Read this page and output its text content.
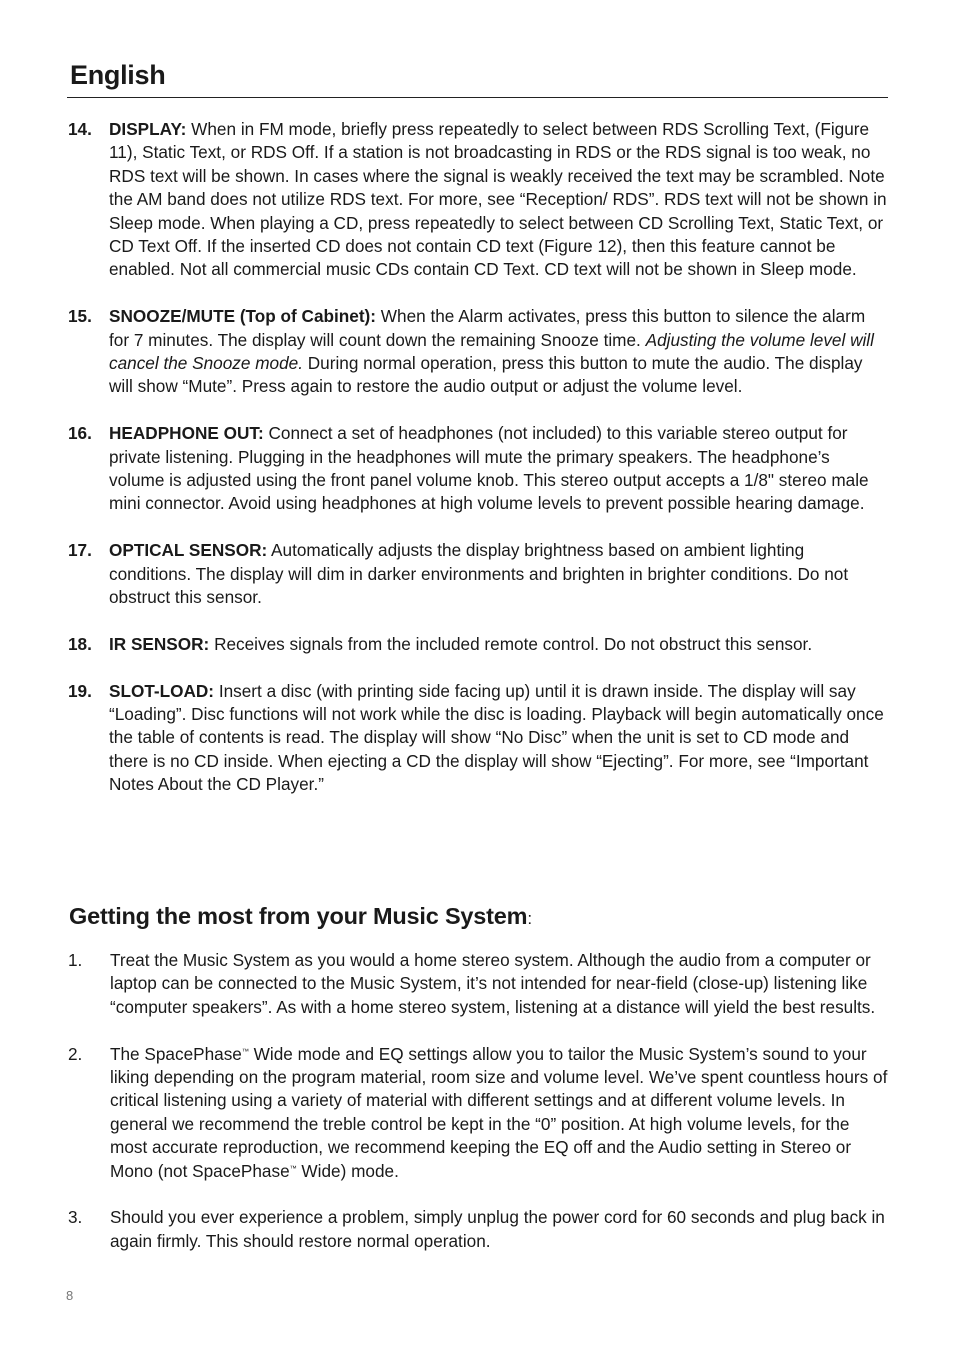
English
14. DISPLAY: When in FM mode, briefly press repeatedly to select between RDS Scrolling Text, (Figure 11), Static Text, or RDS Off. If a station is not broadcasting in RDS or the RDS signal is too weak, no RDS text will be shown. In cases where the signal is weakly received the text may be scrambled. Note the AM band does not utilize RDS text. For more, see “Reception/ RDS”. RDS text will not be shown in Sleep mode. When playing a CD, press repeatedly to select between CD Scrolling Text, Static Text, or CD Text Off. If the inserted CD does not contain CD text (Figure 12), then this feature cannot be enabled. Not all commercial music CDs contain CD Text. CD text will not be shown in Sleep mode.
15. SNOOZE/MUTE (Top of Cabinet): When the Alarm activates, press this button to silence the alarm for 7 minutes. The display will count down the remaining Snooze time. Adjusting the volume level will cancel the Snooze mode. During normal operation, press this button to mute the audio. The display will show “Mute”. Press again to restore the audio output or adjust the volume level.
16. HEADPHONE OUT: Connect a set of headphones (not included) to this variable stereo output for private listening. Plugging in the headphones will mute the primary speakers. The headphone’s volume is adjusted using the front panel volume knob. This stereo output accepts a 1/8" stereo male mini connector. Avoid using headphones at high volume levels to prevent possible hearing damage.
17. OPTICAL SENSOR: Automatically adjusts the display brightness based on ambient lighting conditions. The display will dim in darker environments and brighten in brighter conditions. Do not obstruct this sensor.
18. IR SENSOR: Receives signals from the included remote control. Do not obstruct this sensor.
19. SLOT-LOAD: Insert a disc (with printing side facing up) until it is drawn inside. The display will say “Loading”. Disc functions will not work while the disc is loading. Playback will begin automatically once the table of contents is read. The display will show “No Disc” when the unit is set to CD mode and there is no CD inside. When ejecting a CD the display will show “Ejecting”. For more, see “Important Notes About the CD Player.”
Getting the most from your Music System:
1. Treat the Music System as you would a home stereo system. Although the audio from a computer or laptop can be connected to the Music System, it’s not intended for near-field (close-up) listening like “computer speakers”. As with a home stereo system, listening at a distance will yield the best results.
2. The SpacePhase™ Wide mode and EQ settings allow you to tailor the Music System’s sound to your liking depending on the program material, room size and volume level. We’ve spent countless hours of critical listening using a variety of material with different settings and at different volume levels. In general we recommend the treble control be kept in the “0” position. At high volume levels, for the most accurate reproduction, we recommend keeping the EQ off and the Audio setting in Stereo or Mono (not SpacePhase™ Wide) mode.
3. Should you ever experience a problem, simply unplug the power cord for 60 seconds and plug back in again firmly. This should restore normal operation.
8
